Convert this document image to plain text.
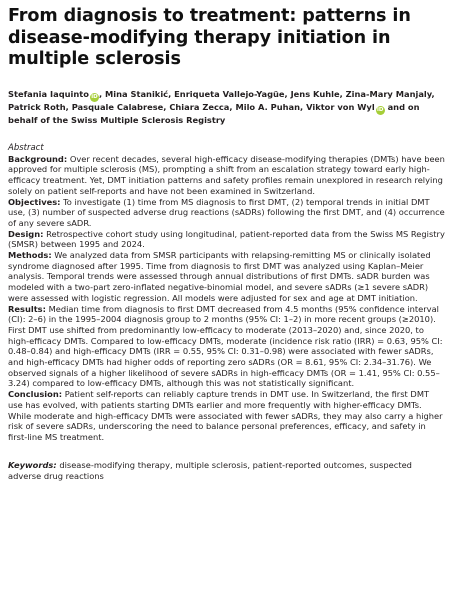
From diagnosis to treatment: patterns in disease-modifying therapy initiation in multiple sclerosis
Stefania Iaquinto iD, Mina Stanikić, Enriqueta Vallejo-Yagüe, Jens Kuhle, Zina-Mary Manjaly, Patrick Roth, Pasquale Calabrese, Chiara Zecca, Milo A. Puhan, Viktor von Wyl iD and on behalf of the Swiss Multiple Sclerosis Registry
Abstract

Background: Over recent decades, several high-efficacy disease-modifying therapies (DMTs) have been approved for multiple sclerosis (MS), prompting a shift from an escalation strategy toward early high-efficacy treatment. Yet, DMT initiation patterns and safety profiles remain unexplored in research relying solely on patient self-reports and have not been examined in Switzerland.

Objectives: To investigate (1) time from MS diagnosis to first DMT, (2) temporal trends in initial DMT use, (3) number of suspected adverse drug reactions (sADRs) following the first DMT, and (4) occurrence of any severe sADR.

Design: Retrospective cohort study using longitudinal, patient-reported data from the Swiss MS Registry (SMSR) between 1995 and 2024.

Methods: We analyzed data from SMSR participants with relapsing-remitting MS or clinically isolated syndrome diagnosed after 1995. Time from diagnosis to first DMT was analyzed using Kaplan–Meier analysis. Temporal trends were assessed through annual distributions of first DMTs. sADR burden was modeled with a two-part zero-inflated negative-binomial model, and severe sADRs (≥1 severe sADR) were assessed with logistic regression. All models were adjusted for sex and age at DMT initiation.

Results: Median time from diagnosis to first DMT decreased from 4.5 months (95% confidence interval (CI): 2–6) in the 1995–2004 diagnosis group to 2 months (95% CI: 1–2) in more recent groups (≥2010). First DMT use shifted from predominantly low-efficacy to moderate (2013–2020) and, since 2020, to high-efficacy DMTs. Compared to low-efficacy DMTs, moderate (incidence risk ratio (IRR) = 0.63, 95% CI: 0.48–0.84) and high-efficacy DMTs (IRR = 0.55, 95% CI: 0.31–0.98) were associated with fewer sADRs, and high-efficacy DMTs had higher odds of reporting zero sADRs (OR = 8.61, 95% CI: 2.34–31.76). We observed signals of a higher likelihood of severe sADRs in high-efficacy DMTs (OR = 1.41, 95% CI: 0.55–3.24) compared to low-efficacy DMTs, although this was not statistically significant.

Conclusion: Patient self-reports can reliably capture trends in DMT use. In Switzerland, the first DMT use has evolved, with patients starting DMTs earlier and more frequently with higher-efficacy DMTs. While moderate and high-efficacy DMTs were associated with fewer sADRs, they may also carry a higher risk of severe sADRs, underscoring the need to balance personal preferences, efficacy, and safety in first-line MS treatment.

Keywords: disease-modifying therapy, multiple sclerosis, patient-reported outcomes, suspected adverse drug reactions
